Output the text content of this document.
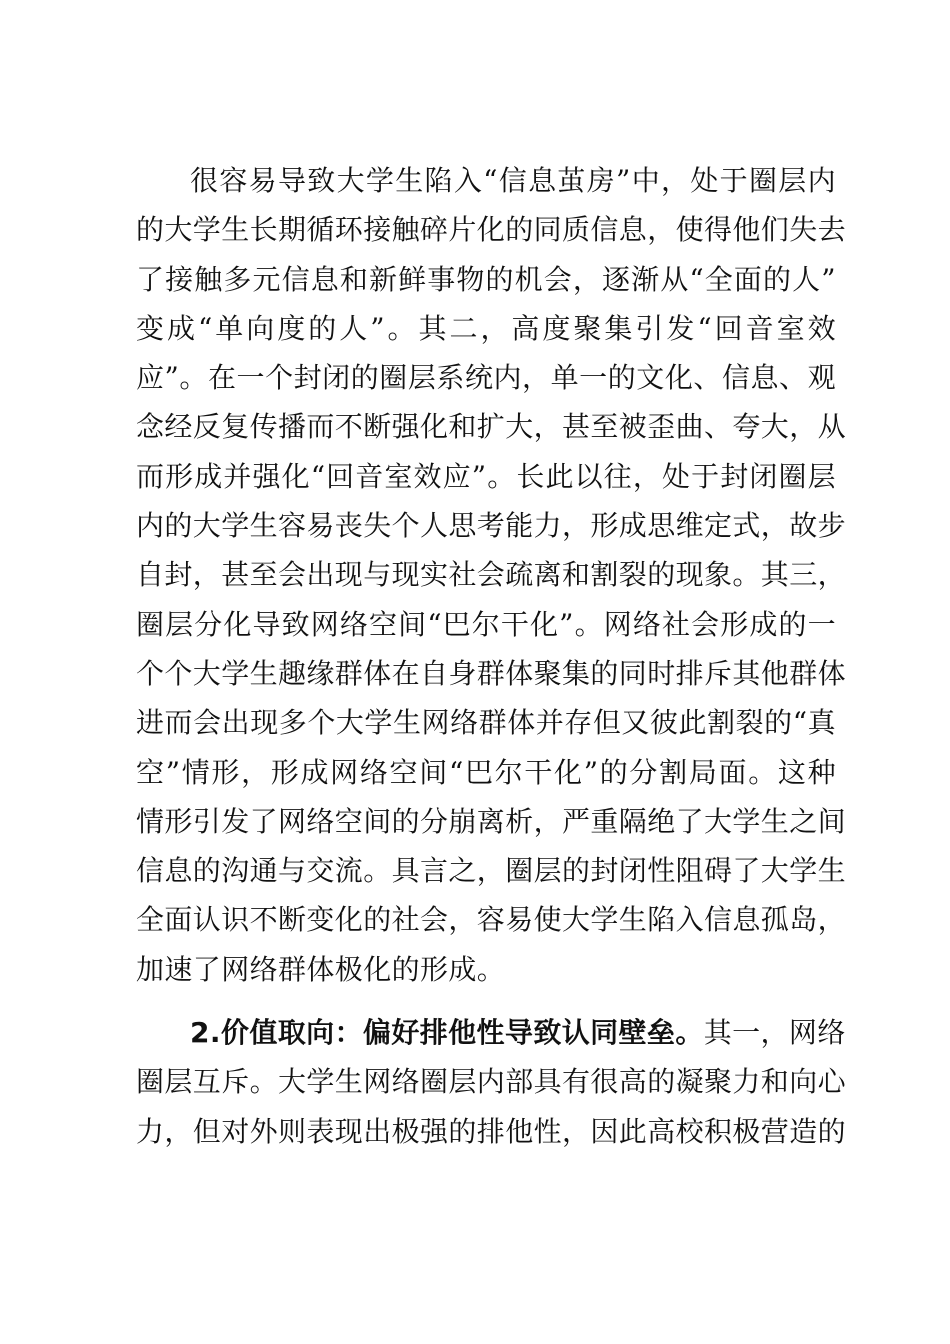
很容易导致大学生陷入“信息茧房”中，处于圈层内
的大学生长期循环接触碎片化的同质信息，使得他们失去
了接触多元信息和新鲜事物的机会，逐渐从“全面的人”
变成“单向度的人”。其二，高度聚集引发“回音室效
应”。在一个封闭的圈层系统内，单一的文化、信息、观
念经反复传播而不断强化和扩大，甚至被歪曲、夸大，从
而形成并强化“回音室效应”。长此以往，处于封闭圈层
内的大学生容易丧失个人思考能力，形成思维定式，故步
自封，甚至会出现与现实社会疏离和割裂的现象。其三，
圈层分化导致网络空间“巴尔干化”。网络社会形成的一
个个大学生趣缘群体在自身群体聚集的同时排斥其他群体
进而会出现多个大学生网络群体并存但又彼此割裂的“真
空”情形，形成网络空间“巴尔干化”的分割局面。这种
情形引发了网络空间的分崩离析，严重隔绝了大学生之间
信息的沟通与交流。具言之，圈层的封闭性阻碍了大学生
全面认识不断变化的社会，容易使大学生陷入信息孤岛，
加速了网络群体极化的形成。
2.价值取向：偏好排他性导致认同壁垒。其一，网络
圈层互斥。大学生网络圈层内部具有很高的凝聚力和向心
力，但对外则表现出极强的排他性，因此高校积极营造的
